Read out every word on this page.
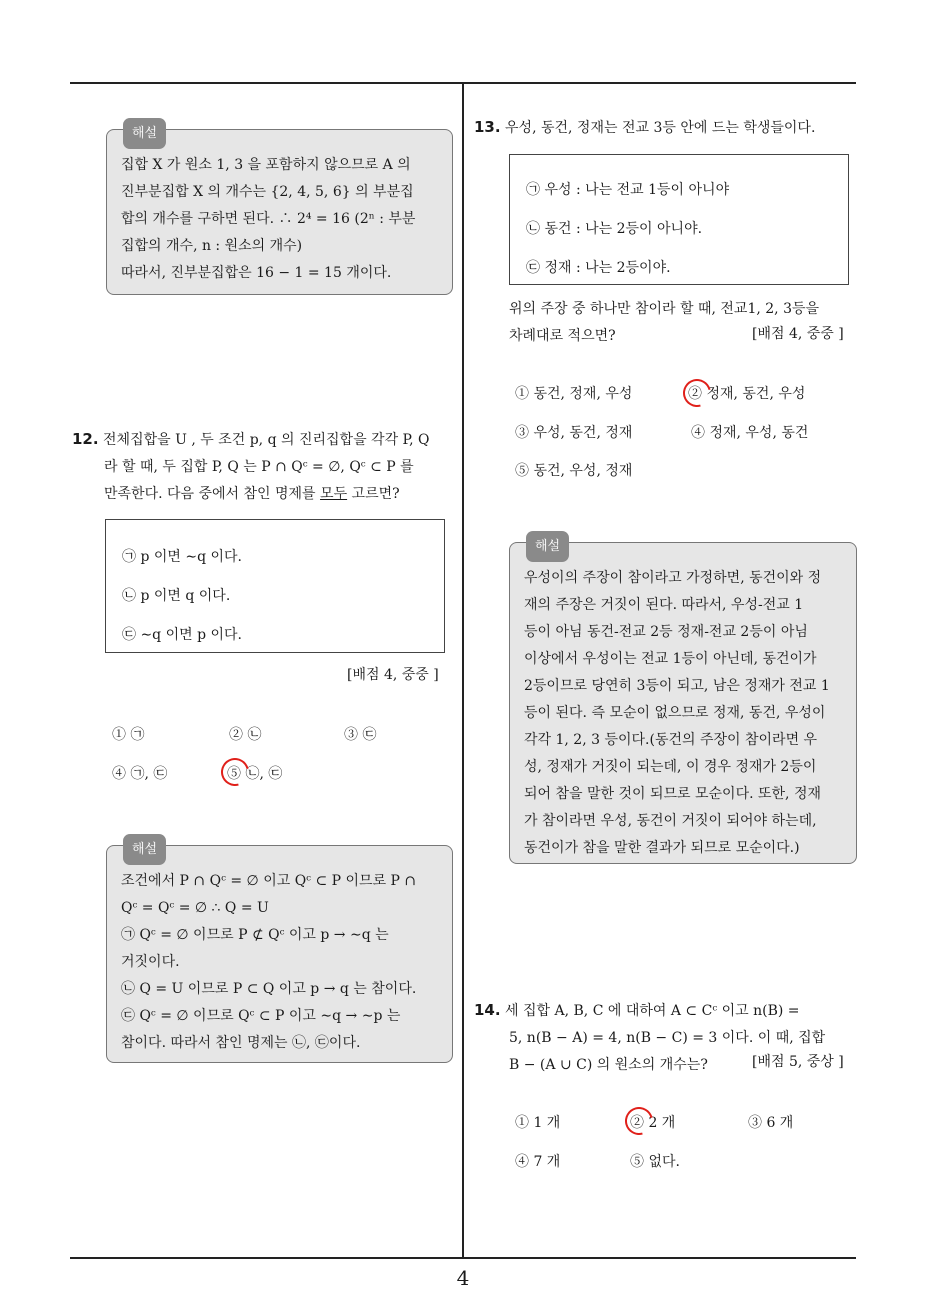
해설

집합 X 가 원소 1, 3 을 포함하지 않으므로 A 의

진부분집합 X 의 개수는 {2, 4, 5, 6} 의 부분집

합의 개수를 구하면 된다. ∴ 2⁴ = 16 (2ⁿ : 부분

집합의 개수, n : 원소의 개수)

따라서, 진부분집합은 16 − 1 = 15 개이다.

12. 전체집합을 U , 두 조건 p, q 의 진리집합을 각각 P, Q

라 할 때, 두 집합 P, Q 는 P ∩ Qᶜ = ∅, Qᶜ ⊂ P 를

만족한다. 다음 중에서 참인 명제를 모두 고르면?

㉠ p 이면 ∼q 이다.
㉡ p 이면 q 이다.
㉢ ∼q 이면 p 이다.
[배점 4, 중중 ]
① ㉠	② ㉡	③ ㉢
④ ㉠, ㉢	⑤ ㉡, ㉢
해설

조건에서 P ∩ Qᶜ = ∅ 이고 Qᶜ ⊂ P 이므로 P ∩

Qᶜ = Qᶜ = ∅ ∴ Q = U

㉠ Qᶜ = ∅ 이므로 P ⊄ Qᶜ 이고 p → ∼q 는

거짓이다.

㉡ Q = U 이므로 P ⊂ Q 이고 p → q 는 참이다.

㉢ Qᶜ = ∅ 이므로 Qᶜ ⊂ P 이고 ∼q → ∼p 는

참이다. 따라서 참인 명제는 ㉡, ㉢이다.

13. 우성, 동건, 정재는 전교 3등 안에 드는 학생들이다.

㉠ 우성 : 나는 전교 1등이 아니야
㉡ 동건 : 나는 2등이 아니야.
㉢ 정재 : 나는 2등이야.

위의 주장 중 하나만 참이라 할 때, 전교1, 2, 3등을

차례대로 적으면?	[배점 4, 중중 ]
① 동건, 정재, 우성	② 정재, 동건, 우성
③ 우성, 동건, 정재	④ 정재, 우성, 동건
⑤ 동건, 우성, 정재
해설

우성이의 주장이 참이라고 가정하면, 동건이와 정

재의 주장은 거짓이 된다. 따라서, 우성-전교 1

등이 아님 동건-전교 2등 정재-전교 2등이 아님

이상에서 우성이는 전교 1등이 아닌데, 동건이가

2등이므로 당연히 3등이 되고, 남은 정재가 전교 1

등이 된다. 즉 모순이 없으므로 정재, 동건, 우성이

각각 1, 2, 3 등이다.(동건의 주장이 참이라면 우

성, 정재가 거짓이 되는데, 이 경우 정재가 2등이

되어 참을 말한 것이 되므로 모순이다. 또한, 정재

가 참이라면 우성, 동건이 거짓이 되어야 하는데,

동건이가 참을 말한 결과가 되므로 모순이다.)

14. 세 집합 A, B, C 에 대하여 A ⊂ Cᶜ 이고 n(B) =

5, n(B − A) = 4, n(B − C) = 3 이다. 이 때, 집합

B − (A ∪ C) 의 원소의 개수는?	[배점 5, 중상 ]
① 1 개	② 2 개	③ 6 개
④ 7 개	⑤ 없다.
4
